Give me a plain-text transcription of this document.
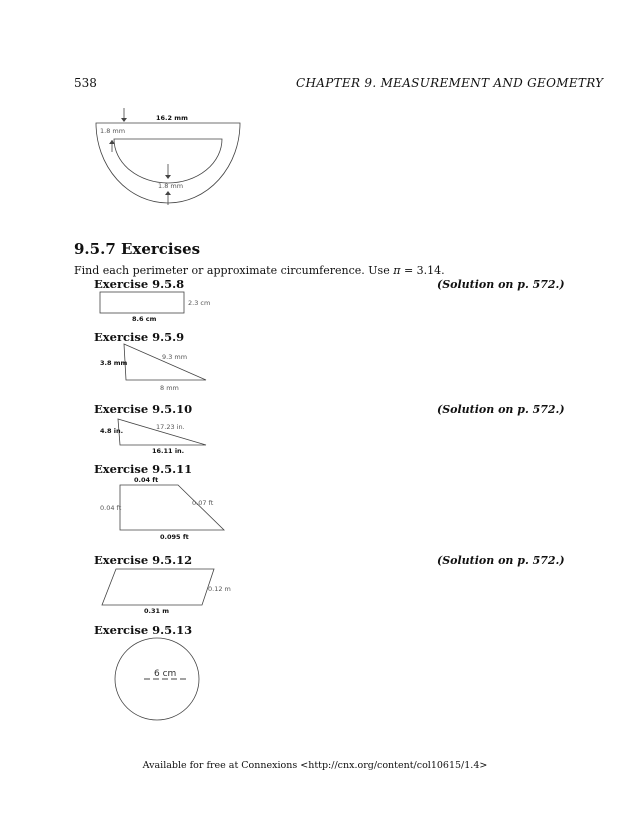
538	CHAPTER 9. MEASUREMENT AND GEOMETRY
16.2 mm
1.8 mm
1.8 mm
9.5.7 Exercises
Find each perimeter or approximate circumference. Use π = 3.14.
Exercise 9.5.8	(Solution on p. 572.)
2.3 cm
8.6 cm
Exercise 9.5.9
3.8 mm
9.3 mm
8 mm
Exercise 9.5.10	(Solution on p. 572.)
4.8 in.	17.23 in.
16.11 in.
Exercise 9.5.11
0.04 ft
0.04 ft
0.07 ft
0.095 ft
Exercise 9.5.12	(Solution on p. 572.)
0.12 m
0.31 m
Exercise 9.5.13
6 cm
Available for free at Connexions <http://cnx.org/content/col10615/1.4>
